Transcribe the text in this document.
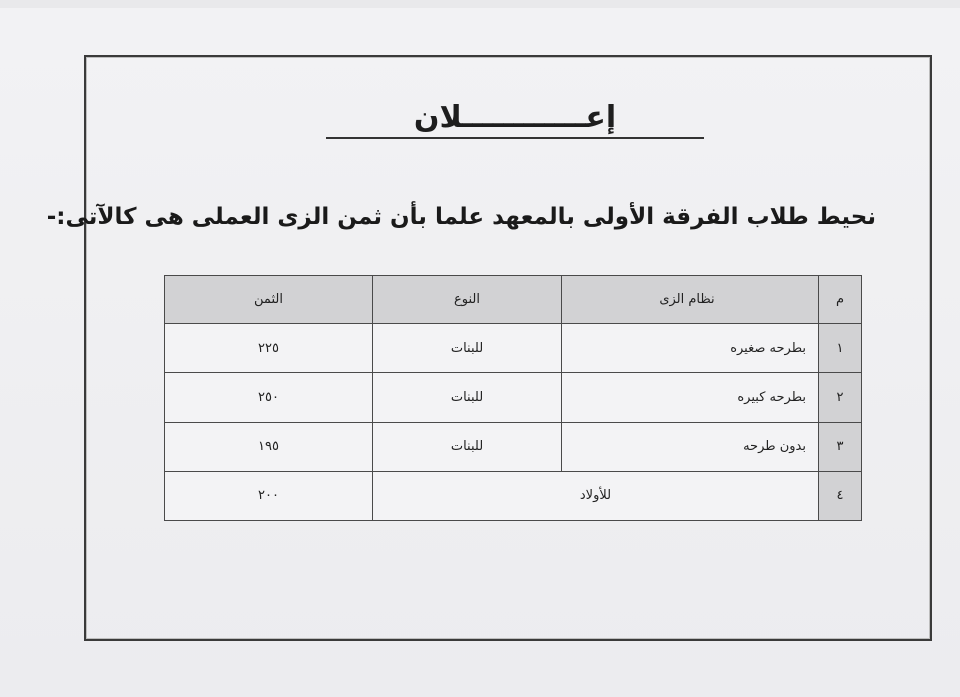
إعــــــــــــلان
نحيط طلاب الفرقة الأولى بالمعهد علما بأن ثمن الزى العملى هى كالآتى:-
م	نظام الزى	النوع	الثمن
١	بطرحه صغيره	للبنات	٢٢٥
٢	بطرحه كبيره	للبنات	٢٥٠
٣	بدون طرحه	للبنات	١٩٥
٤	للأولاد		٢٠٠
